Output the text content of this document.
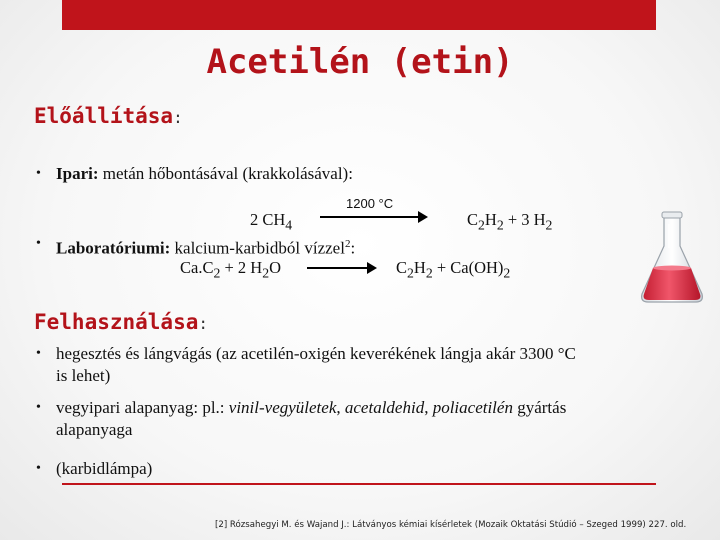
Acetilén (etin)
Előállítása:
• Ipari: metán hőbontásával (krakkolásával):
1200 °C
2 $CH_4$	$C_2H_2 + 3$ $H_2$
• Laboratóriumi: kalcium-karbidból vízzel$^2$:
$Ca.C_2 + 2$ $H_2O$	$C_2H_2 + Ca(OH)_2$
Felhasználása:
• hegesztés és lángvágás (az acetilén-oxigén keverékének lángja akár 3300 °C
is lehet)
• vegyipari alapanyag: pl.: vinil-vegyületek, acetaldehid, poliacetilén gyártás
alapanyaga
• (karbidlámpa)
[2] Rózsahegyi M. és Wajand J.: Látványos kémiai kísérletek (Mozaik Oktatási Stúdió – Szeged 1999) 227. old.
